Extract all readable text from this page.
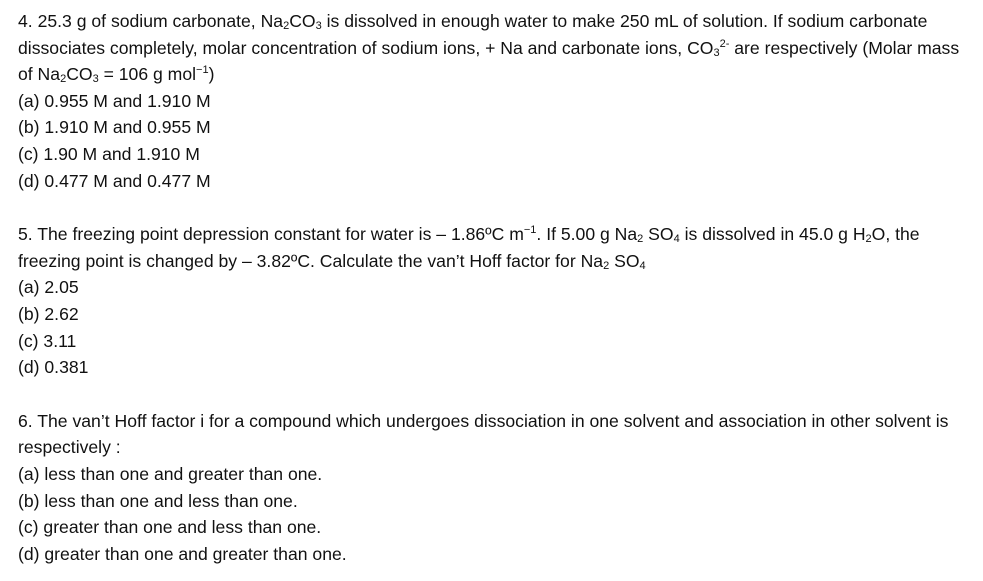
4. 25.3 g of sodium carbonate, $Na_2CO_3$ is dissolved in enough water to make 250 mL of solution. If sodium carbonate dissociates completely, molar concentration of sodium ions, + Na and carbonate ions, $CO_3^{2-}$ are respectively (Molar mass of $Na_2CO_3 = 106$ g mol$^{-1}$)

(a) 0.955 M and 1.910 M
(b) 1.910 M and 0.955 M
(c) 1.90 M and 1.910 M
(d) 0.477 M and 0.477 M

5. The freezing point depression constant for water is – 1.86ºC $m^{-1}$. If 5.00 g $Na_2$ $SO_4$ is dissolved in 45.0 g $H_2O$, the freezing point is changed by – 3.82ºC. Calculate the van’t Hoff factor for $Na_2$ $SO_4$

(a) 2.05
(b) 2.62
(c) 3.11
(d) 0.381

6. The van’t Hoff factor i for a compound which undergoes dissociation in one solvent and association in other solvent is respectively :

(a) less than one and greater than one.
(b) less than one and less than one.
(c) greater than one and less than one.
(d) greater than one and greater than one.
